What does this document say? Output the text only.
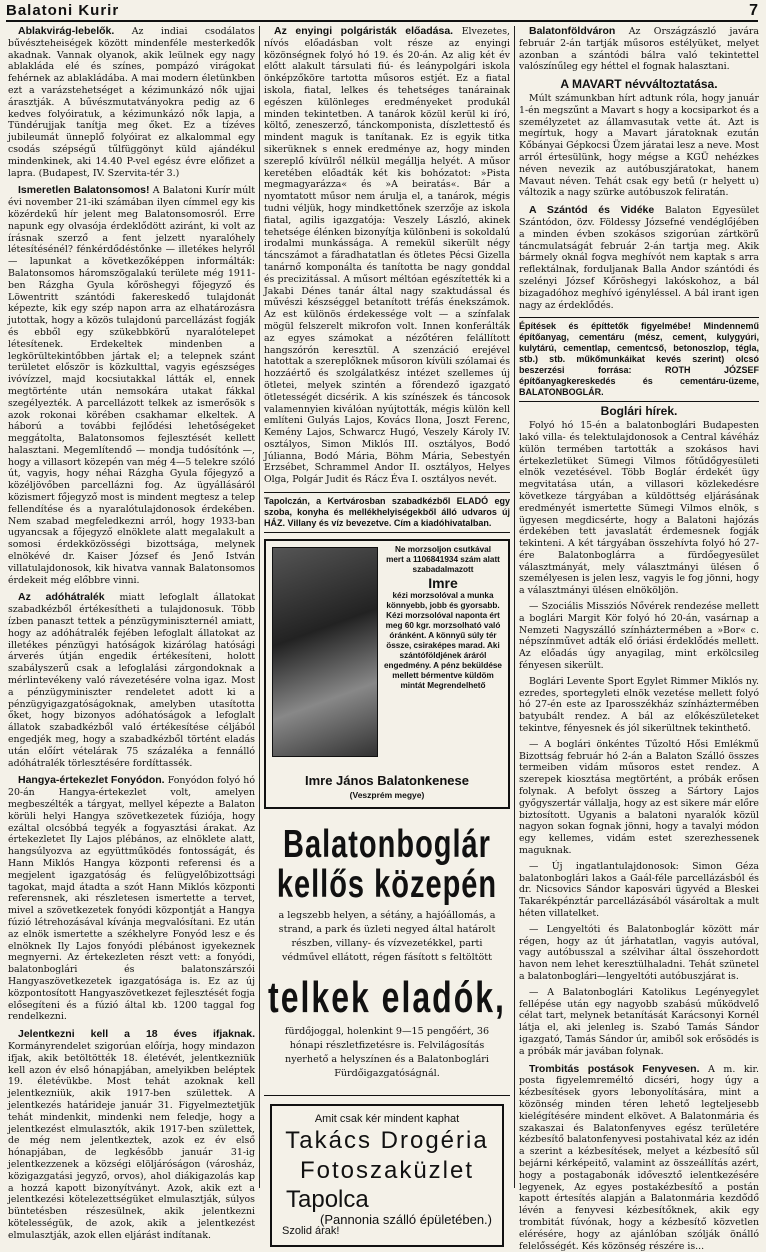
Balatoni Kurir	7

Ablakvirág-lebelők. Az indiai csodálatos bűvészteheiségek között mindenféle mesterkedők akadnak. Vannak olyanok, akik leülnek egy nagy ablakláda elé és színes, pompázó virágokat fehérnek az ablakládába. A mai modern életünkben ezt a varázstehetséget a kézimunkázó nők ujjai árasztják. A bűvészmutatványokra pedig az 6 kedves folyóiratuk, a kézimunkázó nők lapja, a Tündérujjak tanítja meg őket. Ez a tízéves jubileumát ünneplő folyóirat ez alkalommal egy csodás szépségű tűlfüggönyt küld ajándékul mindenkinek, aki 14.40 P-vel egész évre előfizet a lapra. (Budapest, IV. Szervita-tér 3.)

Ismeretlen Balatonsomos! A Balatoni Kurír múlt évi november 21-iki számában ilyen címmel egy kis közérdekű hír jelent meg Balatonsomosról. Erre napunk egy olvasója érdeklődött aziránt, ki volt az írásnak szerző a fent jelzett nyaralóhely létesítésénél? fénkérdődéstőnke — illetékes helyről — lapunkat a következőképpen informálták: Balatonsomos háromszögalakú területe még 1911-ben Rázgha Gyula kőröshegyi főjegyző és Löwentritt szántódi fakereskedő tulajdonát képezte, kik egy szép napon arra az elhatározásra jutottak, hogy a közös tulajdonú parcellázást fogják és ebből egy szükebbkörű nyaralótelepet létesítenek. Erdekeltek mindenben a legkörültekintőbben jártak el; a telepnek szánt területet először is közkulttal, vagyis egészséges ivóvízzel, majd kocsiutakkal látták el, ennek megtörténte után nemsokára utakat fákkal szegélyezték. A parcellázott telkek az ismerősök s azok rokonai körében csakhamar elkeltek. A háború a további fejlődési lehetőségeket meggátolta, Balatonsomos fejlesztését kellett halasztani. Megemlítendő — mondja tudósítónk —, hogy a villasort közepén van még 4—5 telekre szóló út, vagyis, hogy néhai Rázgha Gyula főjegyző a közéljövőben parcellázni fog. Az ügyállásáról közismert főjegyző most is mindent megtesz a telep fellendítése és a nyaralótulajdonosok érdekében. Nem szabad megfeledkezni arról, hogy 1933-ban ugyancsak a főjegyző elnöklete alatt megalakult a somosi érdekközösségi bizottsága, melynek elnökévé dr. Kaiser József és Jenő István villatulajdonosok, kik hivatva vannak Balatonsomos érdekeit még előbbre vinni.

Az adóhátralék miatt lefoglalt állatokat szabadkézből értékesítheti a tulajdonosuk. Több ízben panaszt tettek a pénzügyminiszternél amiatt, hogy az adóhátralék fejében lefoglalt állatokat az illetékes pénzügyi hatóságok kizárólag hatósági árverés útján engedik értékesíteni, holott szabályszerű csak a lefoglalási zárgondoknak a mérlintevékeny való rávezetésére volna igaz. Most a pénzügyminiszter rendeletet adott ki a pénzügyigazgatóságoknak, amelyben utasította őket, hogy bizonyos adóhatóságok a lefoglalt állatok szabadkézből való értékesítése céljából engedjék meg, hogy a szabadkézből történt eladás után előírt vételárak 75 százaléka a fennálló adóhátralék törlesztésére fordíttassék.

Hangya-értekezlet Fonyódon. Fonyódon folyó hó 20-án Hangya-értekezlet volt, amelyen megbeszélték a tárgyat, mellyel képezte a Balaton körüli helyi Hangya szövetkezetek fúziója, hogy ezáltal olcsóbbá tegyék a fogyasztási árakat. Az értekezletet Ily Lajos plébános, az elnöklete alatt, hangsúlyozva az együttműködés fontosságát, és Hann Miklós Hangya központi referensi és a megjelent igazgatóság és felügyelőbizottsági tagokat, majd átadta a szót Hann Miklós központi referensnek, aki részletesen ismertette a tervet, mivel a szövetkezetek fonyódi központját a Hangya fúzió létrehozásával kívánja megvalósítani. Ez után az elnök ismertette a székhelyre Fonyód lesz e és elnöknek Ily Lajos fonyódi plébánost igyekeznek megnyerni. Az értekezleten részt vett: a fonyódi, balatonboglári és balatonszárszói Hangyaszövetkezetek igazgatósága is. Ez az új központosított Hangyaszövetkezet fejlesztését fogja elősegíteni és a fúzió által kb. 1200 taggal fog rendelkezni.

Jelentkezni kell a 18 éves ifjaknak. Kormányrendelet szigorúan előírja, hogy mindazon ifjak, akik betöltötték 18. életévét, jelentkezniük kell azon év első hónapjában, amelyikben beléptek 19. életévükbe. Most tehát azoknak kell jelentkezniük, akik 1917-ben születtek. A jelentkezés határideje január 31. Figyelmeztetjük tehát mindenkit, mindenki nem feledje, hogy a jelentkezést elmulasztók, akik 1917-ben születtek, de még nem jelentkeztek, azok ez év első hónapjában, de legkésőbb január 31-ig jelentkezzenek a községi elöljáróságon (városház, közigazgatási jegyző, orvos), ahol diákigazolás kap a hozzá kapott bizonyítványt. Azok, akik ezt a jelentkezési kötelezettségüket elmulasztják, súlyos büntetésben részesülnek, akik jelentkezni kötelességük, de azok, akik a jelentkezést elmulasztják, azok ellen eljárást indítanak.

Az enyingi polgáristák előadása. Elvezetes, nívós előadásban volt része az enyingi közönségnek folyó hó 19. és 20-án. Az alig két év előtt alakult társulati fiú- és leánypolgári iskola önképzőköre tartotta műsoros estjét. Ez a fiatal iskola, fiatal, lelkes és tehetséges tanárainak egészen különleges eredményeket produkál minden tekintetben. A tanárok közül kerül ki író, költő, zeneszerző, tánckomponista, díszlettestő és mindent maguk is tanítanak. Ez is egyik titka sikerüknek s ennek eredménye az, hogy minden szereplő kívülről nélkül megállja helyét. A műsor keretében előadták két kis bohózatot: »Pista megmagyarázza« és »A beiratás«. Bár a nyomtatott műsor nem árulja el, a tanárok, mégis tudni véljük, hogy mindkettőnek szerzője az iskola fiatal, agilis igazgatója: Veszely László, akinek tehetsége élénken bizonyítja különbeni is sokoldalú irodalmi munkássága. A remekül sikerült négy táncszámot a fáradhatatlan és ötletes Pécsi Gizella tanárnő komponálta és tanította be nagy gonddal és precizitással. A műsort méltóan egészítették ki a Jakabi Dénes tanár által nagy szaktudással és művészi készséggel betanított tréfás énekszámok. Az est különös érdekessége volt — a színfalak mögül felszerelt mikrofon volt. Innen konferálták az egyes számokat a nézőtéren felállított hangszórón keresztül. A szenzáció erejével hatottak a szereplőknek műsoron kívüli szólamai és hozzáértő és szolgálatkész intézet szellemes új ötletei, melyek szintén a főrendező igazgató ötletességét dicsérik. A kis színészek és táncosok valamennyien kiválóan nyújtották, mégis külön kell említeni Gulyás Lajos, Kovács Ilona, Joszt Ferenc, Kemény Lajos, Schwarcz Hugó, Veszely Károly IV. osztályos, Simon Miklós III. osztályos, Bodó Júlianna, Bodó Mária, Böhm Mária, Sebestyén Erzsébet, Schrammel Andor II. osztályos, Helyes Olga, Polgár Judit és Rácz Éva I. osztályos nevét.

Tapolczán, a Kertvárosban szabadkézből ELADÓ egy szoba, konyha és mellékhelyiségekből álló udvaros új HÁZ. Villany és víz bevezetve. Cím a kiadóhivatalban.
Ne morzsoljon csutkával
mert a 1106841934 szám alatt szabadalmazott
Imre
kézi morzsolóval a munka könnyebb, jobb és gyorsabb. Kézi morzsolóval naponta ért meg 60 kgr. morzsolható való óránként. A könnyű súly tér össze, csiraképes marad. Aki szántóföldjének áráról engedmény. A pénz beküldése mellett bérmentve küldöm mintát Megrendelhető
Imre János Balatonkenese
(Veszprém megye)
Balatonboglár
kellős közepén
a legszebb helyen, a sétány, a hajóállomás, a strand, a park és üzleti negyed által határolt részben, villany- és vízvezetékkel, parti védművel ellátott, régen fásított s feltöltött
telkek eladók,
fürdőjoggal, holenkint 9—15 pengőért, 36 hónapi részletfizetésre is. Felvilágosítás nyerhető a helyszínen és a Balatonboglári Fürdőigazgatóságnál.
Amit csak kér mindent kaphat
Takács Drogéria
Fotoszaküzlet
Tapolca
(Pannonia szálló épületében.)
Szolid árak!

Balatonföldváron Az Országzászló javára február 2-án tartják műsoros estélyüket, melyet azonban a szántódi bálra való tekintettel valószínűleg egy héttel el fognak halasztani.

A MAVART névváltoztatása.

Múlt számunkban hírt adtunk róla, hogy január 1-én megszűnt a Mavart s hogy a kocsiparkot és a személyzetet az államvasutak vette át. Azt is megírtuk, hogy a Mavart járatoknak ezután Kőbányai Gépkocsi Üzem járatai lesz a neve. Most arról értesülünk, hogy mégse a KGÜ nehézkes néven nevezik az autóbuszjáratokat, hanem Mavaut néven. Tehát csak egy betű (r helyett u) változik a nagy szürke autóbuszok feliratán.

A Szántód és Vidéke Balaton Egyesület Szántódon, özv. Földessy Józsefné vendéglőjében a minden évben szokásos szigorúan zártkörű táncmulatságát február 2-án tartja meg. Akik bármely oknál fogva meghívót nem kaptak s arra reflektálnak, forduljanak Balla Andor szántódi és szelényi József Kőröshegyi lakóskohoz, a bál bizagadóhoz meghívó igényléssel. A bál irant igen nagy az érdeklődés.

Építések és építtetők figyelmébe! Mindennemű építőanyag, cementáru (mész, cement, kulygyúri, kulytárú, cementlap, cementcső, betonoszlop, tégla, stb.) stb. műkőmunkáikat kevés szerint) olcsó beszerzési forrása: ROTH JÓZSEF építőanyagkereskedés és cementáru-üzeme, BALATONBOGLÁR.
Boglári hírek.

Folyó hó 15-én a balatonboglári Budapesten lakó villa- és telektulajdonosok a Central kávéház külön termében tartották a szokásos havi értekezletüket Sümegi Vilmos főtűdőgyesületi elnök vezetésével. Több Boglár érdekét ügy megvitatása után, a villasori közlekedésre következe tárgyában a küldöttség eljárásának eredményét ismertette Sümegi Vilmos elnök, s ügyesen megdicsérte, hogy a Balatoni hajózás érdekében tett javaslatát érdemesnek fogják tekinteni. A két tárgyában összehívta folyó hó 27-ére Balatonboglárra a fürdőegyesület választmányát, mely választmányi ülésen ő személyesen is jelen lesz, vagyis le fog jönni, hogy a választmányi ülésen elnököljön.

— Szociális Missziós Nővérek rendezése mellett a boglári Margit Kör folyó hó 20-án, vasárnap a Nemzeti Nagyszálló színháztermében a »Bor« c. népszínművet adták elő óriási érdeklődés mellett. Az előadás úgy anyagilag, mint erkölcsileg fényesen sikerült.

Boglári Levente Sport Egylet Rimmer Miklós ny. ezredes, sportegyleti elnök vezetése mellett folyó hó 27-én este az Iparosszékház színháztermében batyubált rendez. A bál az előkészületeket tekintve, fényesnek és jól sikerültnek tekinthető.

— A boglári önkéntes Tűzoltó Hősi Emlékmű Bizottság február hó 2-án a Balaton Szálló összes termeiben vidám műsoros estet rendez. A szerepek kiosztása megtörtént, a próbák erősen folynak. A befolyt összeg a Sártory Lajos győgyszertár vállalja, hogy az est sikere már előre biztosított. Ugyanis a balatoni nyaralók közül nagyon sokan fognak jönni, hogy a tavalyi módon egy kellemes, vidám estet szerezhessenek maguknak.

— Új ingatlantulajdonosok: Simon Géza balatonboglári lakos a Gaál-féle parcellázásból és dr. Nicsovics Sándor kaposvári ügyvéd a Bleskei Takarékpénztár parcellázásából vásároltak a mult héten villatelket.

— Lengyeltóti és Balatonboglár között már régen, hogy az út járhatatlan, vagyis autóval, vagy autóbusszal a szélvihar által összehordott havon nem lehet keresztülhaladni. Tehát szünetel a balatonboglári—lengyeltóti autóbuszjárat is.

— A Balatonboglári Katolikus Legényegylet fellépése után egy nagyobb szabású működvelő célat tart, melynek betanítását Karácsonyi Kornél látja el, aki jelenleg is. Szabó Tamás Sándor igazgató, Tamás Sándor úr, amiből sok erősödés is a próbák már javában folynak.

Trombitás postások Fenyvesen. A m. kir. posta figyelemreméltó dicséri, hogy úgy a kézbesítések gyors lebonyolítására, mint a közönség minden téren lehető legteljesebb kielégítésére mindent elkövet. A Balatonmária és szakaszai és Balatonfenyves egész területére kézbesítő balatonfenyvesi postahivatal kéz az idén a szerint a kézbesítések, melyet a kézbesítő sűl bejárni kérképeitő, valamint az összeállítás azért, hogy a postagabonák idővesztő ielentkezésére legyenek, Az egyes postakézbesítő a postán kapott értesítés alapján a Balatonmária kezdődő lévén a fenyvesi kézbesítőknek, akik egy trombitát fúvónak, hogy a kézbesítő közvetlen elérésére, hogy az ajánlóban szólják önálló felelősségét. Kés közönség részére is...
